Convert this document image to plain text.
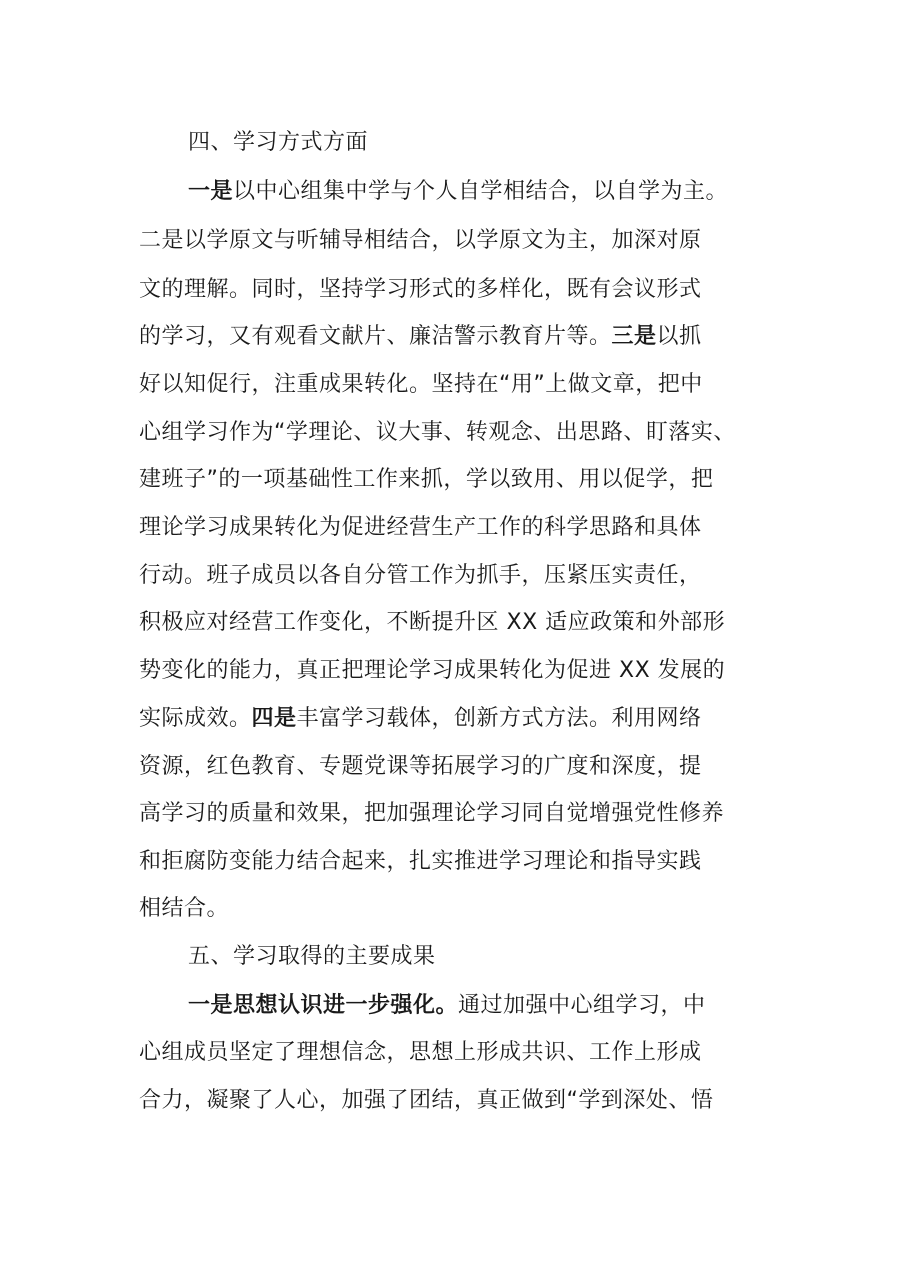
四、学习方式方面
一是以中心组集中学与个人自学相结合，以自学为主。
二是以学原文与听辅导相结合，以学原文为主，加深对原
文的理解。同时，坚持学习形式的多样化，既有会议形式
的学习，又有观看文献片、廉洁警示教育片等。三是以抓
好以知促行，注重成果转化。坚持在“用”上做文章，把中
心组学习作为“学理论、议大事、转观念、出思路、盯落实、
建班子”的一项基础性工作来抓，学以致用、用以促学，把
理论学习成果转化为促进经营生产工作的科学思路和具体
行动。班子成员以各自分管工作为抓手，压紧压实责任，
积极应对经营工作变化，不断提升区 XX 适应政策和外部形
势变化的能力，真正把理论学习成果转化为促进 XX 发展的
实际成效。四是丰富学习载体，创新方式方法。利用网络
资源，红色教育、专题党课等拓展学习的广度和深度，提
高学习的质量和效果，把加强理论学习同自觉增强党性修养
和拒腐防变能力结合起来，扎实推进学习理论和指导实践
相结合。
五、学习取得的主要成果
一是思想认识进一步强化。通过加强中心组学习，中
心组成员坚定了理想信念，思想上形成共识、工作上形成
合力，凝聚了人心，加强了团结，真正做到“学到深处、悟
